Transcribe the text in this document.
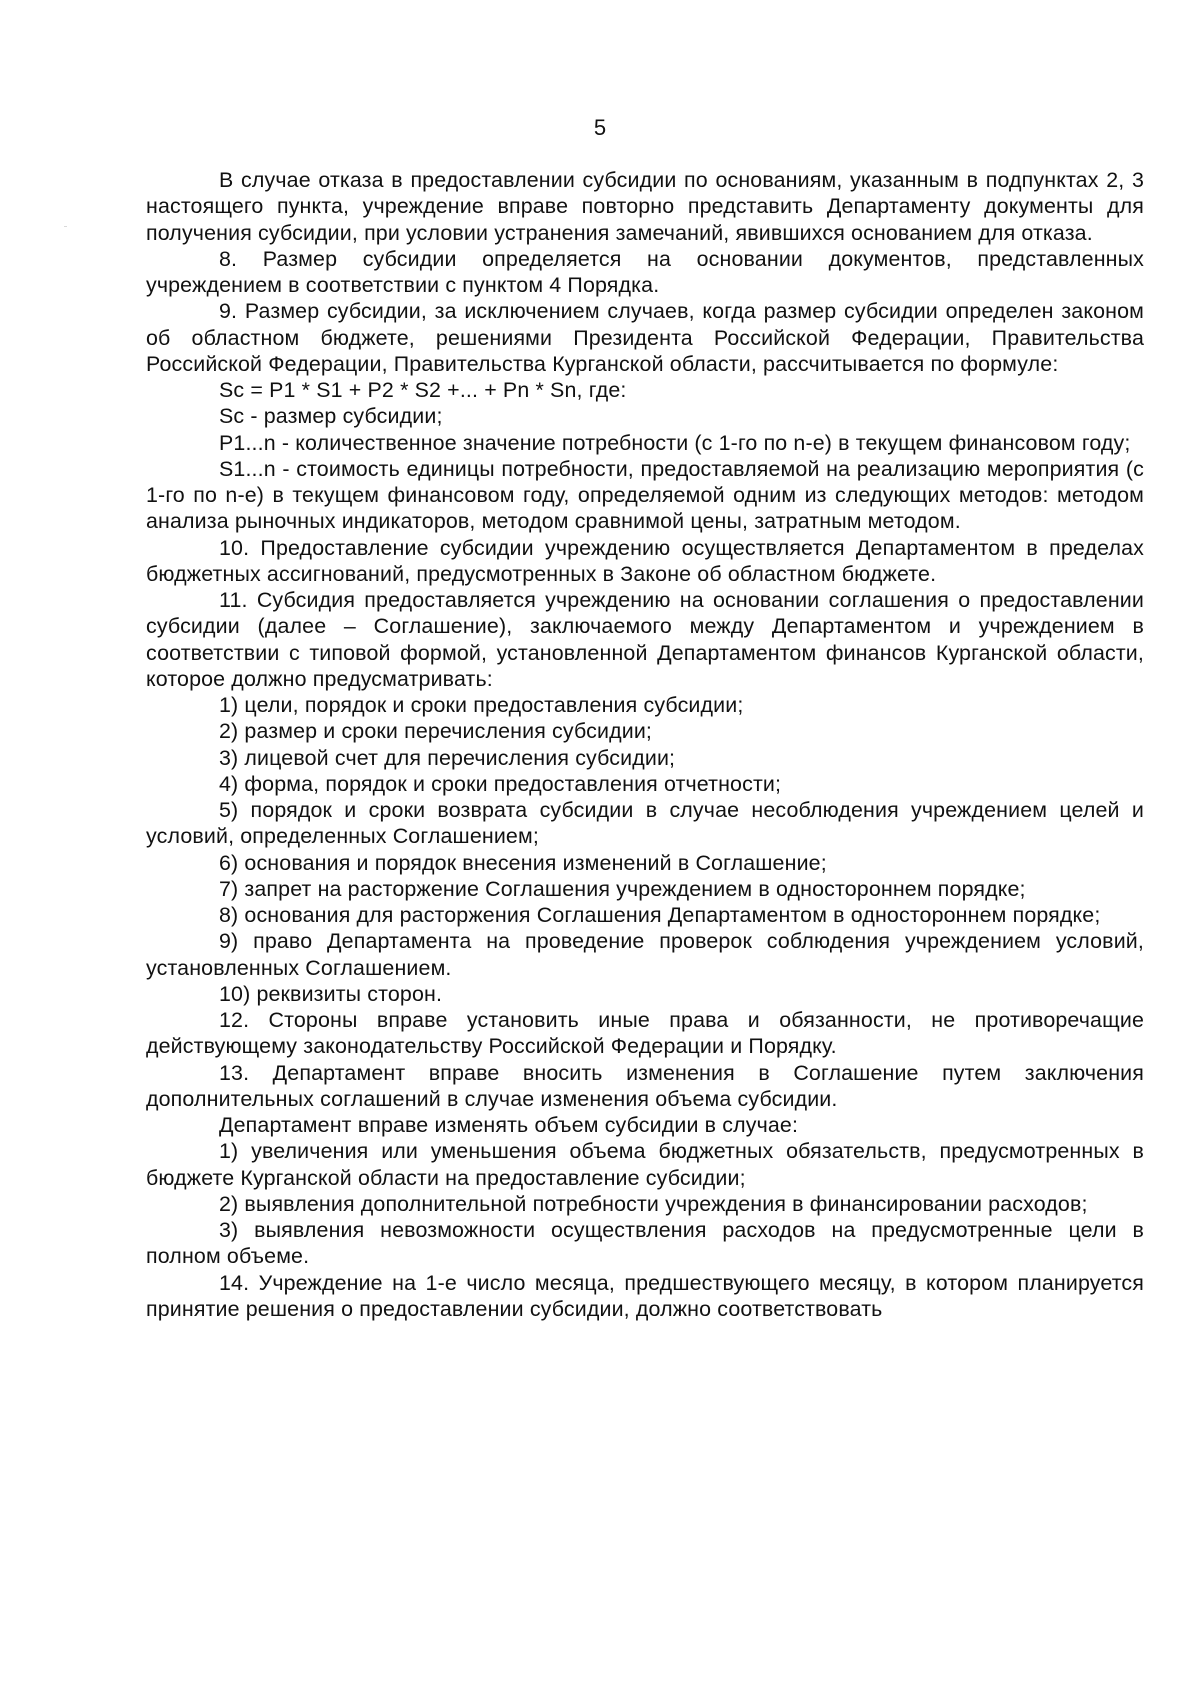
5

В случае отказа в предоставлении субсидии по основаниям, указанным в подпунктах 2, 3 настоящего пункта, учреждение вправе повторно представить Департаменту документы для получения субсидии, при условии устранения замечаний, явившихся основанием для отказа.

8. Размер субсидии определяется на основании документов, представленных учреждением в соответствии с пунктом 4 Порядка.

9. Размер субсидии, за исключением случаев, когда размер субсидии определен законом об областном бюджете, решениями Президента Российской Федерации, Правительства Российской Федерации, Правительства Курганской области, рассчитывается по формуле:

Sc = P1 * S1 + P2 * S2 +... + Pn * Sn, где:

Sc - размер субсидии;

P1...n - количественное значение потребности (с 1-го по n-е) в текущем финансовом году;

S1...n - стоимость единицы потребности, предоставляемой на реализацию мероприятия (с 1-го по n-е) в текущем финансовом году, определяемой одним из следующих методов: методом анализа рыночных индикаторов, методом сравнимой цены, затратным методом.

10. Предоставление субсидии учреждению осуществляется Департаментом в пределах бюджетных ассигнований, предусмотренных в Законе об областном бюджете.

11. Субсидия предоставляется учреждению на основании соглашения о предоставлении субсидии (далее – Соглашение), заключаемого между Департаментом и учреждением в соответствии с типовой формой, установленной Департаментом финансов Курганской области, которое должно предусматривать:

1) цели, порядок и сроки предоставления субсидии;

2) размер и сроки перечисления субсидии;

3) лицевой счет для перечисления субсидии;

4) форма, порядок и сроки предоставления отчетности;

5) порядок и сроки возврата субсидии в случае несоблюдения учреждением целей и условий, определенных Соглашением;

6) основания и порядок внесения изменений в Соглашение;

7) запрет на расторжение Соглашения учреждением в одностороннем порядке;

8) основания для расторжения Соглашения Департаментом в одностороннем порядке;

9) право Департамента на проведение проверок соблюдения учреждением условий, установленных Соглашением.

10) реквизиты сторон.

12. Стороны вправе установить иные права и обязанности, не противоречащие действующему законодательству Российской Федерации и Порядку.

13. Департамент вправе вносить изменения в Соглашение путем заключения дополнительных соглашений в случае изменения объема субсидии.

Департамент вправе изменять объем субсидии в случае:

1) увеличения или уменьшения объема бюджетных обязательств, предусмотренных в бюджете Курганской области на предоставление субсидии;

2) выявления дополнительной потребности учреждения в финансировании расходов;

3) выявления невозможности осуществления расходов на предусмотренные цели в полном объеме.

14. Учреждение на 1-е число месяца, предшествующего месяцу, в котором планируется принятие решения о предоставлении субсидии, должно соответствовать
